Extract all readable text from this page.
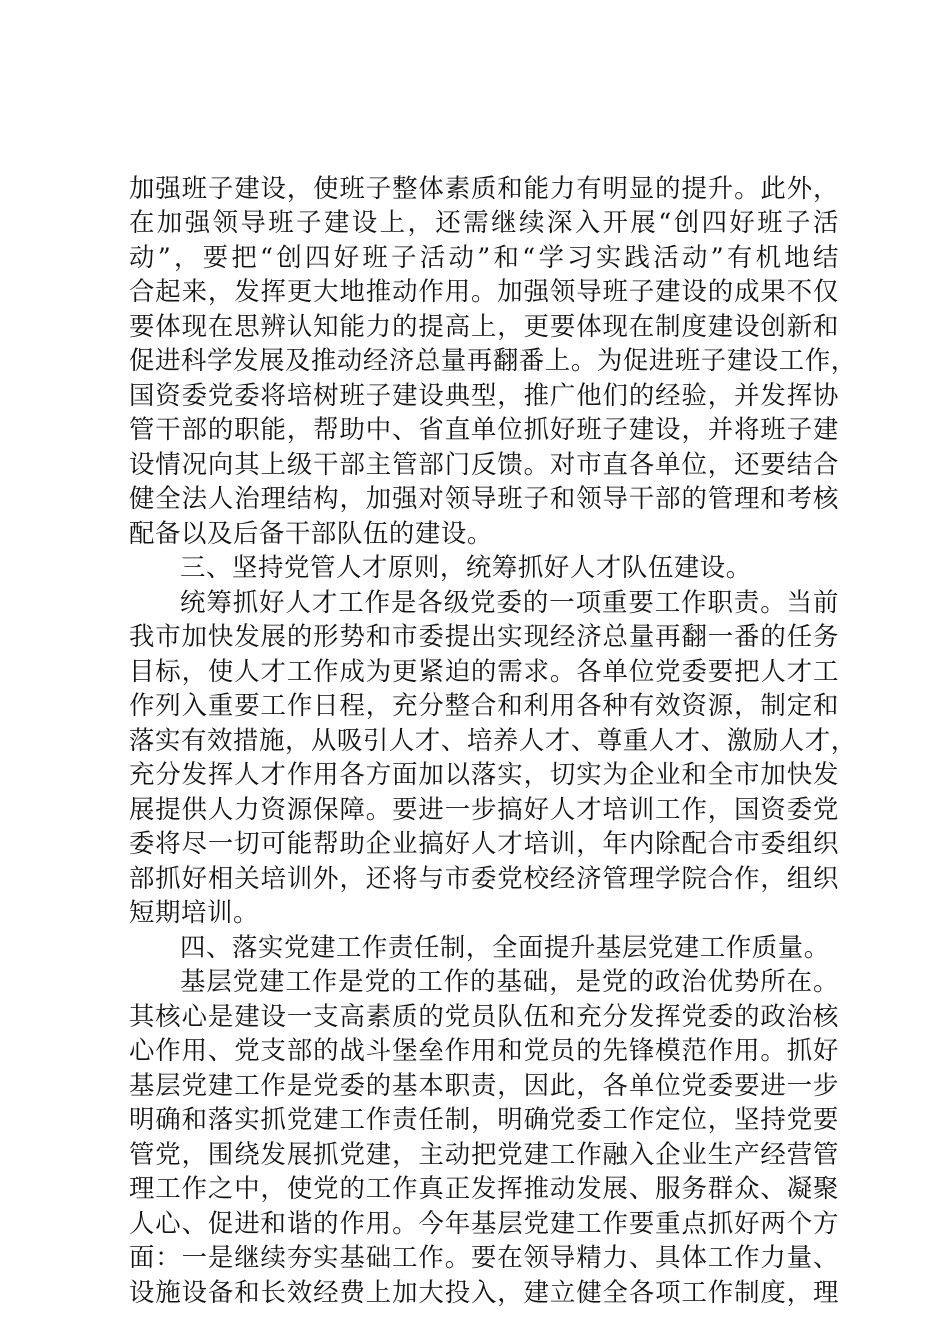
加强班子建设，使班子整体素质和能力有明显的提升。此外，
在加强领导班子建设上，还需继续深入开展“创四好班子活
动”，要把“创四好班子活动”和“学习实践活动”有机地结
合起来，发挥更大地推动作用。加强领导班子建设的成果不仅
要体现在思辨认知能力的提高上，更要体现在制度建设创新和
促进科学发展及推动经济总量再翻番上。为促进班子建设工作，
国资委党委将培树班子建设典型，推广他们的经验，并发挥协
管干部的职能，帮助中、省直单位抓好班子建设，并将班子建
设情况向其上级干部主管部门反馈。对市直各单位，还要结合
健全法人治理结构，加强对领导班子和领导干部的管理和考核
配备以及后备干部队伍的建设。
三、坚持党管人才原则，统筹抓好人才队伍建设。
统筹抓好人才工作是各级党委的一项重要工作职责。当前
我市加快发展的形势和市委提出实现经济总量再翻一番的任务
目标，使人才工作成为更紧迫的需求。各单位党委要把人才工
作列入重要工作日程，充分整合和利用各种有效资源，制定和
落实有效措施，从吸引人才、培养人才、尊重人才、激励人才，
充分发挥人才作用各方面加以落实，切实为企业和全市加快发
展提供人力资源保障。要进一步搞好人才培训工作，国资委党
委将尽一切可能帮助企业搞好人才培训，年内除配合市委组织
部抓好相关培训外，还将与市委党校经济管理学院合作，组织
短期培训。
四、落实党建工作责任制，全面提升基层党建工作质量。
基层党建工作是党的工作的基础，是党的政治优势所在。
其核心是建设一支高素质的党员队伍和充分发挥党委的政治核
心作用、党支部的战斗堡垒作用和党员的先锋模范作用。抓好
基层党建工作是党委的基本职责，因此，各单位党委要进一步
明确和落实抓党建工作责任制，明确党委工作定位，坚持党要
管党，围绕发展抓党建，主动把党建工作融入企业生产经营管
理工作之中，使党的工作真正发挥推动发展、服务群众、凝聚
人心、促进和谐的作用。今年基层党建工作要重点抓好两个方
面：一是继续夯实基础工作。要在领导精力、具体工作力量、
设施设备和长效经费上加大投入，建立健全各项工作制度，理
